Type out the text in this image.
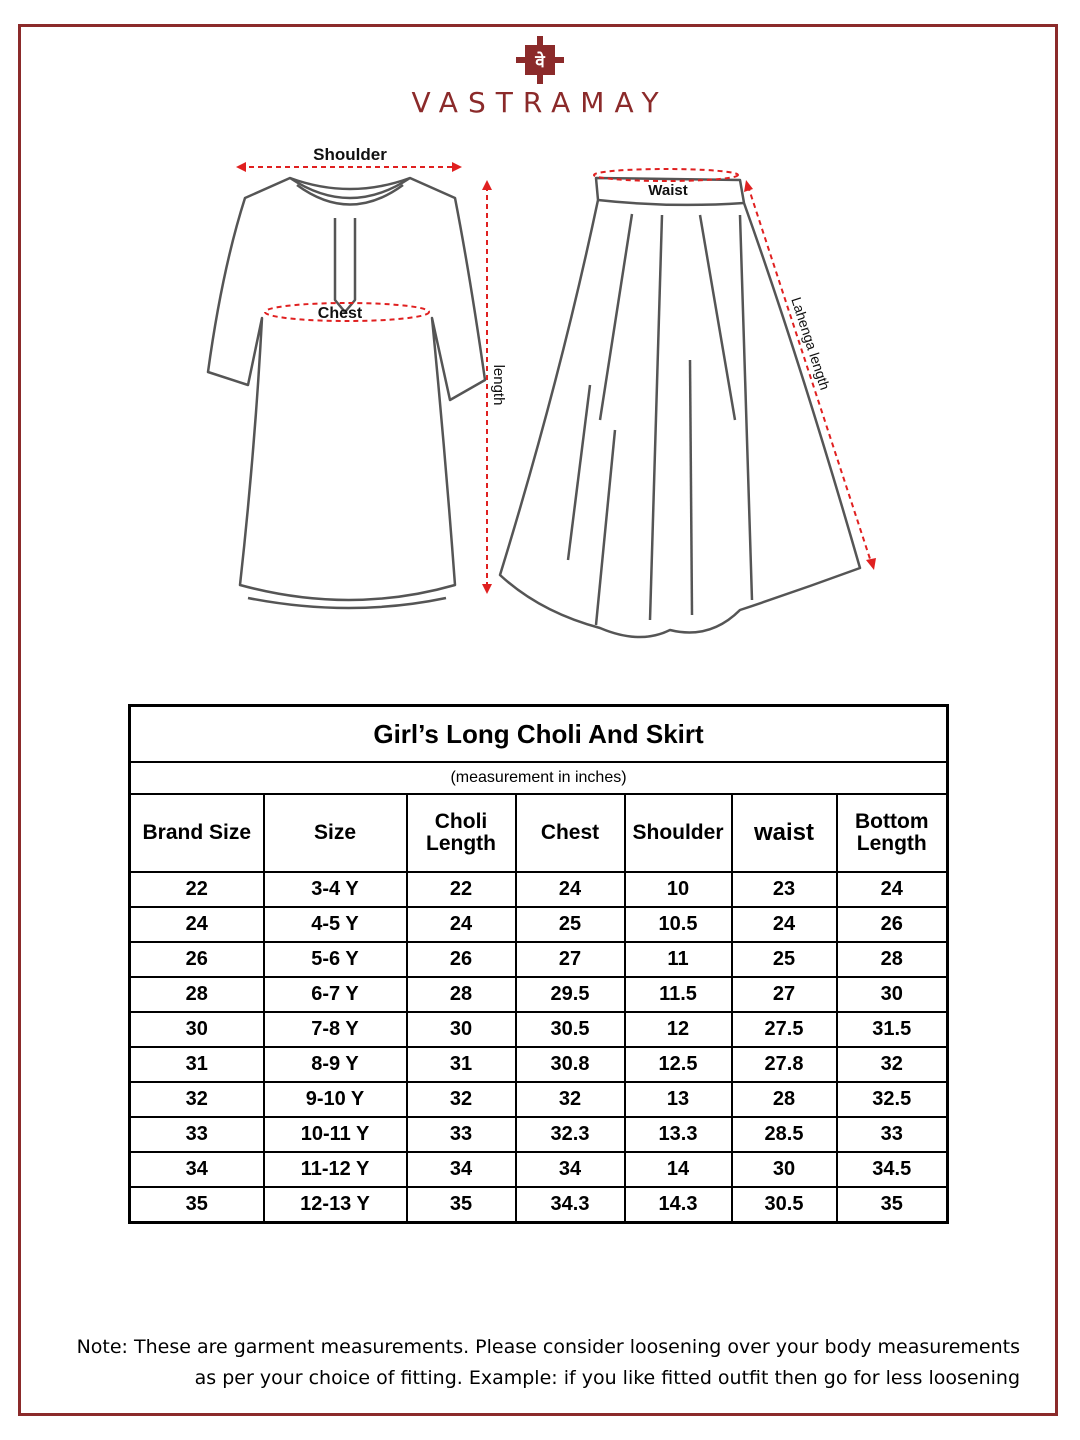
वे
VASTRAMAY
Shoulder
Chest
Waist
length	Lahenga length
Girl’s Long Choli And Skirt						
(measurement in inches)						
Brand Size	Size	Choli Length	Chest	Shoulder	waist	Bottom Length
22	3-4 Y	22	24	10	23	24
24	4-5 Y	24	25	10.5	24	26
26	5-6 Y	26	27	11	25	28
28	6-7 Y	28	29.5	11.5	27	30
30	7-8 Y	30	30.5	12	27.5	31.5
31	8-9 Y	31	30.8	12.5	27.8	32
32	9-10 Y	32	32	13	28	32.5
33	10-11 Y	33	32.3	13.3	28.5	33
34	11-12 Y	34	34	14	30	34.5
35	12-13 Y	35	34.3	14.3	30.5	35
Note: These are garment measurements. Please consider loosening over your body measurements
as per your choice of fitting. Example: if you like fitted outfit then go for less loosening
